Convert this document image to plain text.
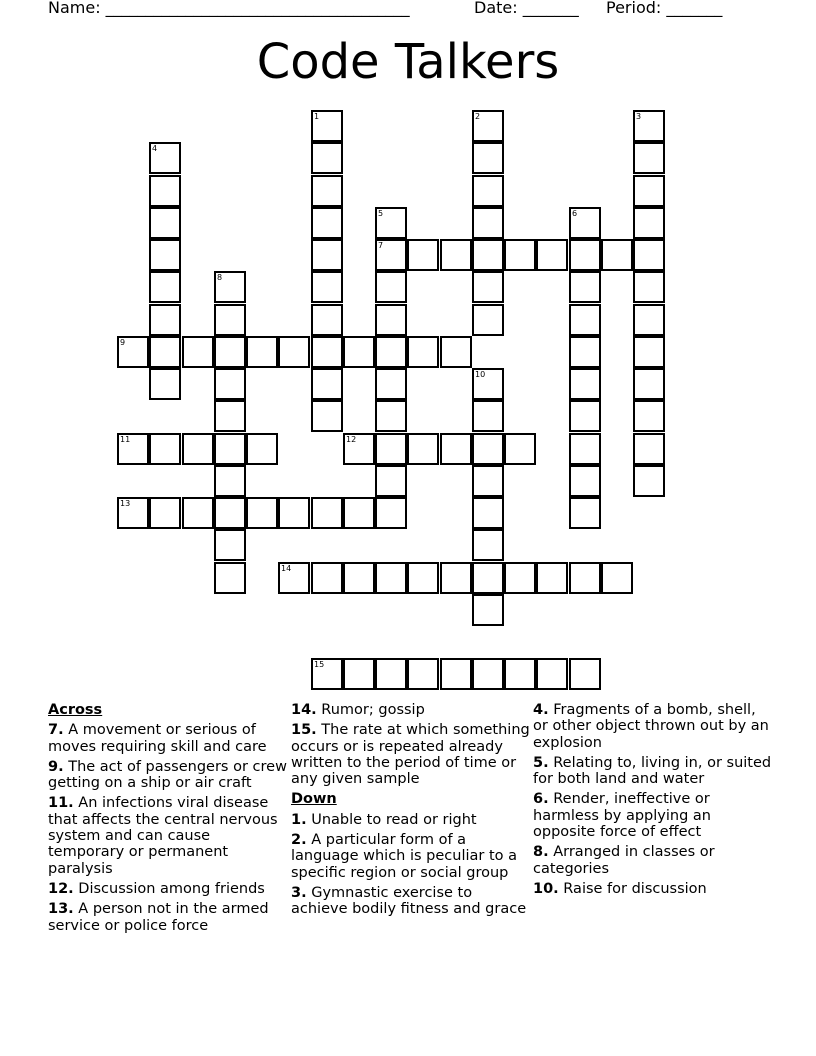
Name: ______________________________________	Date: _______ Period: _______
Code Talkers
1	2	3
4
5
7
6
8
9
10
11	12
13
14
15
Across
7. A movement or serious of moves requiring skill and care
9. The act of passengers or crew getting on a ship or air craft
11. An infections viral disease that affects the central nervous system and can cause temporary or permanent paralysis
12. Discussion among friends
13. A person not in the armed service or police force
14. Rumor; gossip
15. The rate at which something occurs or is repeated already written to the period of time or any given sample
Down
1. Unable to read or right
2. A particular form of a language which is peculiar to a specific region or social group
3. Gymnastic exercise to achieve bodily fitness and grace
4. Fragments of a bomb, shell, or other object thrown out by an explosion
5. Relating to, living in, or suited for both land and water
6. Render, ineffective or harmless by applying an opposite force of effect
8. Arranged in classes or categories
10. Raise for discussion
